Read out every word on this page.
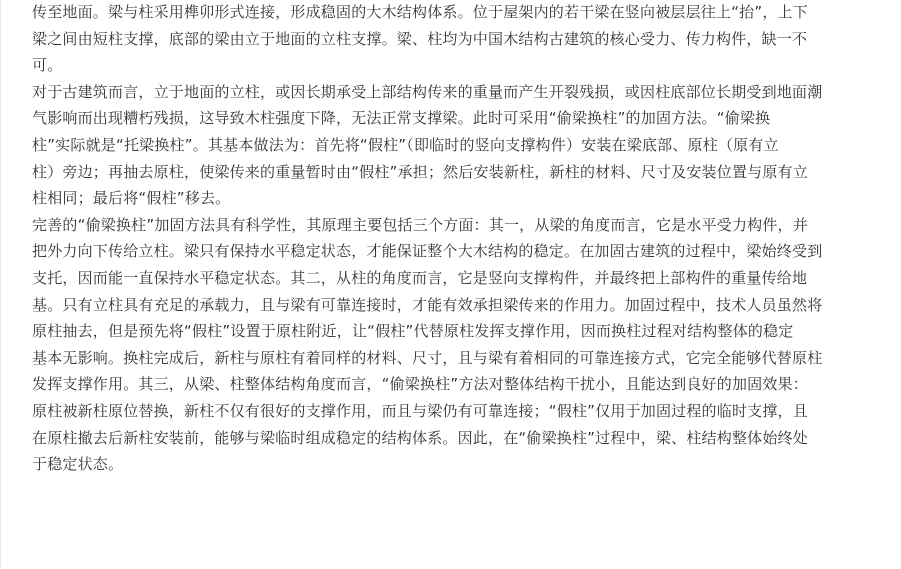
传至地面。梁与柱采用榫卯形式连接，形成稳固的大木结构体系。位于屋架内的若干梁在竖向被层层往上“抬”，上下
梁之间由短柱支撑，底部的梁由立于地面的立柱支撑。梁、柱均为中国木结构古建筑的核心受力、传力构件，缺一不
可。
对于古建筑而言，立于地面的立柱，或因长期承受上部结构传来的重量而产生开裂残损，或因柱底部位长期受到地面潮
气影响而出现糟朽残损，这导致木柱强度下降，无法正常支撑梁。此时可采用“偷梁换柱”的加固方法。“偷梁换
柱”实际就是“托梁换柱”。其基本做法为：首先将“假柱”（即临时的竖向支撑构件）安装在梁底部、原柱（原有立
柱）旁边；再抽去原柱，使梁传来的重量暂时由“假柱”承担；然后安装新柱，新柱的材料、尺寸及安装位置与原有立
柱相同；最后将“假柱”移去。
完善的“偷梁换柱”加固方法具有科学性，其原理主要包括三个方面：其一，从梁的角度而言，它是水平受力构件，并
把外力向下传给立柱。梁只有保持水平稳定状态，才能保证整个大木结构的稳定。在加固古建筑的过程中，梁始终受到
支托，因而能一直保持水平稳定状态。其二，从柱的角度而言，它是竖向支撑构件，并最终把上部构件的重量传给地
基。只有立柱具有充足的承载力，且与梁有可靠连接时，才能有效承担梁传来的作用力。加固过程中，技术人员虽然将
原柱抽去，但是预先将“假柱”设置于原柱附近，让“假柱”代替原柱发挥支撑作用，因而换柱过程对结构整体的稳定
基本无影响。换柱完成后，新柱与原柱有着同样的材料、尺寸，且与梁有着相同的可靠连接方式，它完全能够代替原柱
发挥支撑作用。其三，从梁、柱整体结构角度而言，“偷梁换柱”方法对整体结构干扰小，且能达到良好的加固效果：
原柱被新柱原位替换，新柱不仅有很好的支撑作用，而且与梁仍有可靠连接；“假柱”仅用于加固过程的临时支撑，且
在原柱撤去后新柱安装前，能够与梁临时组成稳定的结构体系。因此，在“偷梁换柱”过程中，梁、柱结构整体始终处
于稳定状态。
